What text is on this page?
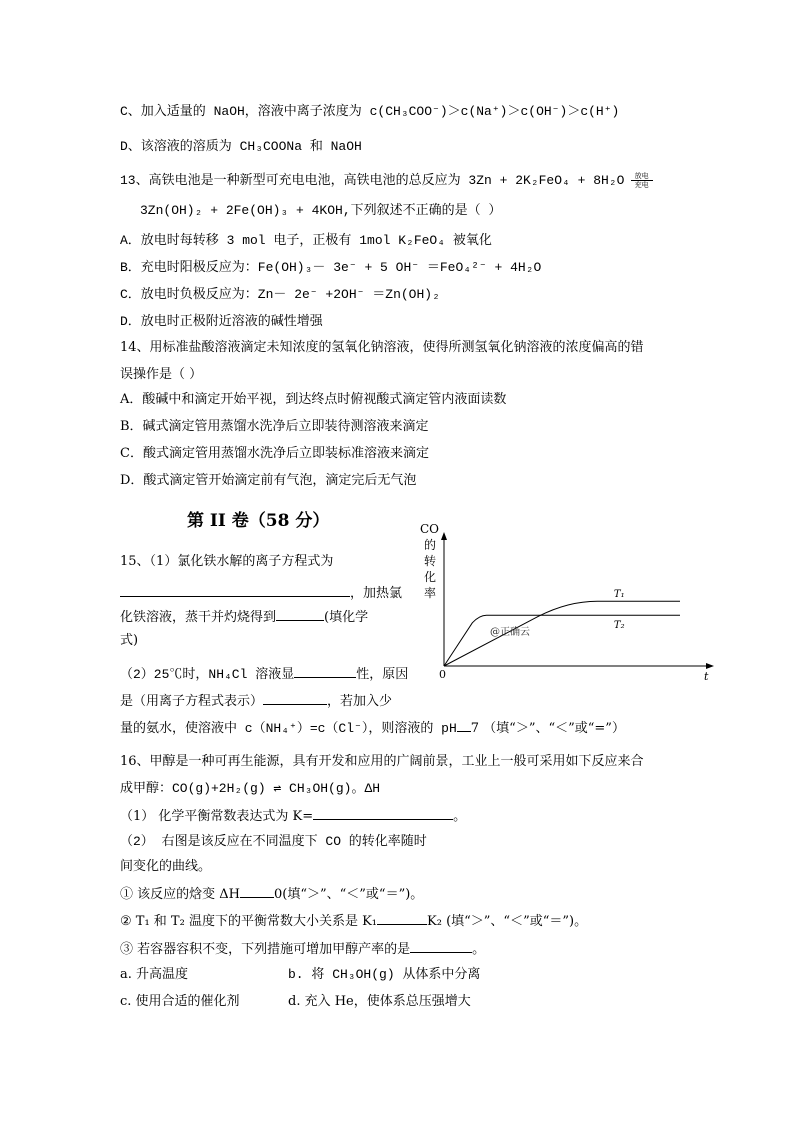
C、加入适量的 NaOH，溶液中离子浓度为 c(CH₃COO⁻)＞c(Na⁺)＞c(OH⁻)＞c(H⁺)
D、该溶液的溶质为 CH₃COONa 和 NaOH
13、高铁电池是一种新型可充电电池，高铁电池的总反应为 $3Zn + 2K_2FeO_4 + 8H_2O \frac{\text{放电}}{\text{充电}}$
3Zn(OH)₂ + 2Fe(OH)₃ + 4KOH,下列叙述不正确的是（ ）
A．放电时每转移 3 mol 电子，正极有 1mol K₂FeO₄ 被氧化
B．充电时阳极反应为：Fe(OH)₃－ 3e⁻ + 5 OH⁻ ＝FeO₄²⁻ + 4H₂O
C．放电时负极反应为：Zn－ 2e⁻ +2OH⁻ ＝Zn(OH)₂
D．放电时正极附近溶液的碱性增强
14、用标准盐酸溶液滴定未知浓度的氢氧化钠溶液，使得所测氢氧化钠溶液的浓度偏高的错
误操作是（ ）
A．酸碱中和滴定开始平视，到达终点时俯视酸式滴定管内液面读数
B．碱式滴定管用蒸馏水洗净后立即装待测溶液来滴定
C．酸式滴定管用蒸馏水洗净后立即装标准溶液来滴定
D．酸式滴定管开始滴定前有气泡，滴定完后无气泡
第 II 卷（58 分）
15、（1）氯化铁水解的离子方程式为
，加热氯
化铁溶液，蒸干并灼烧得到	(填化学
式)
（2）25℃时，NH₄Cl 溶液显	性，原因
是（用离子方程式表示）	，若加入少
量的氨水，使溶液中 c（NH₄⁺）=c（Cl⁻），则溶液的 pH 7 （填“＞”、“＜”或“=”）
16、甲醇是一种可再生能源，具有开发和应用的广阔前景，工业上一般可采用如下反应来合
成甲醇：CO(g)+2H₂(g) ⇌ CH₃OH(g)。ΔH
（1） 化学平衡常数表达式为 K=	。
（2） 右图是该反应在不同温度下 CO 的转化率随时
间变化的曲线。
① 该反应的焓变 ΔH	0(填“＞”、“＜”或“＝”)。
② T₁ 和 T₂ 温度下的平衡常数大小关系是 K₁	K₂ (填“＞”、“＜”或“＝”)。
③ 若容器容积不变，下列措施可增加甲醇产率的是	。
a. 升高温度	b. 将 CH₃OH(g) 从体系中分离
c. 使用合适的催化剂	d. 充入 He，使体系总压强增大
CO
的
转
化
率
t
0
T₁
T₂
@正确云
